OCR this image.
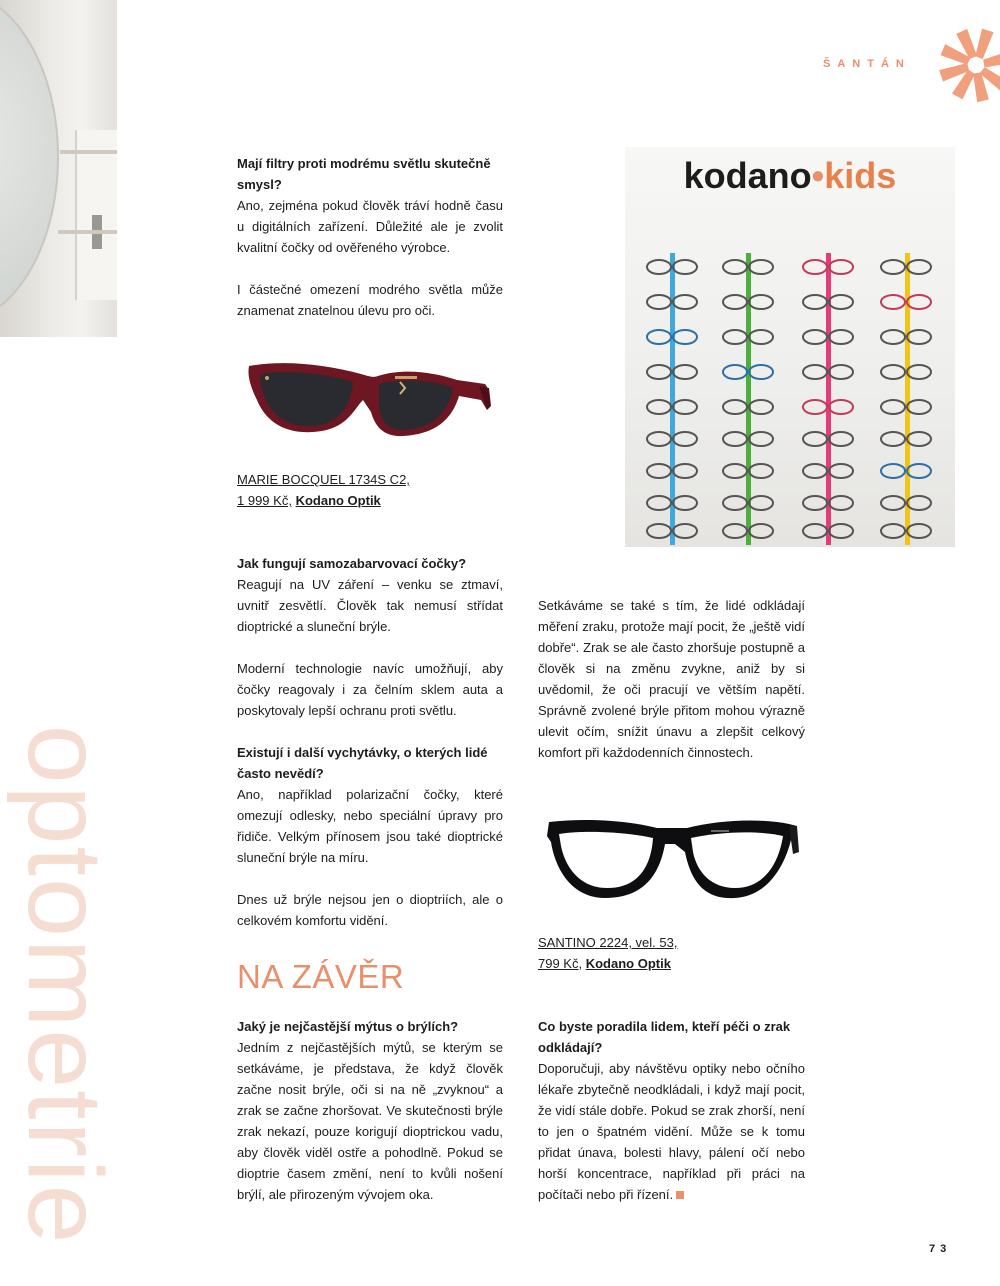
ŠANTÁN
optometrie

Mají filtry proti modrému světlu skutečně smysl?

Ano, zejména pokud člověk tráví hodně času u digitálních zařízení. Důležité ale je zvolit kvalitní čočky od ověřeného výrobce.

I částečné omezení modrého světla může znamenat znatelnou úlevu pro oči.

MARIE BOCQUEL 1734S C2,
1 999 Kč, Kodano Optik

Jak fungují samozabarvovací čočky?

Reagují na UV záření – venku se ztmaví, uvnitř zesvětlí. Člověk tak nemusí střídat dioptrické a sluneční brýle.

Moderní technologie navíc umožňují, aby čočky reagovaly i za čelním sklem auta a poskytovaly lepší ochranu proti světlu.

Existují i další vychytávky, o kterých lidé často nevědí?

Ano, například polarizační čočky, které omezují odlesky, nebo speciální úpravy pro řidiče. Velkým přínosem jsou také dioptrické sluneční brýle na míru.

Dnes už brýle nejsou jen o dioptriích, ale o celkovém komfortu vidění.

NA ZÁVĚR

Jaký je nejčastější mýtus o brýlích?

Jedním z nejčastějších mýtů, se kterým se setkáváme, je představa, že když člověk začne nosit brýle, oči si na ně „zvyknou“ a zrak se začne zhoršovat. Ve skutečnosti brýle zrak nekazí, pouze korigují dioptrickou vadu, aby člověk viděl ostře a pohodlně. Pokud se dioptrie časem změní, není to kvůli nošení brýlí, ale přirozeným vývojem oka.

kodano•kids

Setkáváme se také s tím, že lidé odkládají měření zraku, protože mají pocit, že „ještě vidí dobře“. Zrak se ale často zhoršuje postupně a člověk si na změnu zvykne, aniž by si uvědomil, že oči pracují ve větším napětí. Správně zvolené brýle přitom mohou výrazně ulevit očím, snížit únavu a zlepšit celkový komfort při každodenních činnostech.

SANTINO 2224, vel. 53,
799 Kč, Kodano Optik

Co byste poradila lidem, kteří péči o zrak odkládají?

Doporučuji, aby návštěvu optiky nebo očního lékaře zbytečně neodkládali, i když mají pocit, že vidí stále dobře. Pokud se zrak zhorší, není to jen o špatném vidění. Může se k tomu přidat únava, bolesti hlavy, pálení očí nebo horší koncentrace, například při práci na počítači nebo při řízení.

73
